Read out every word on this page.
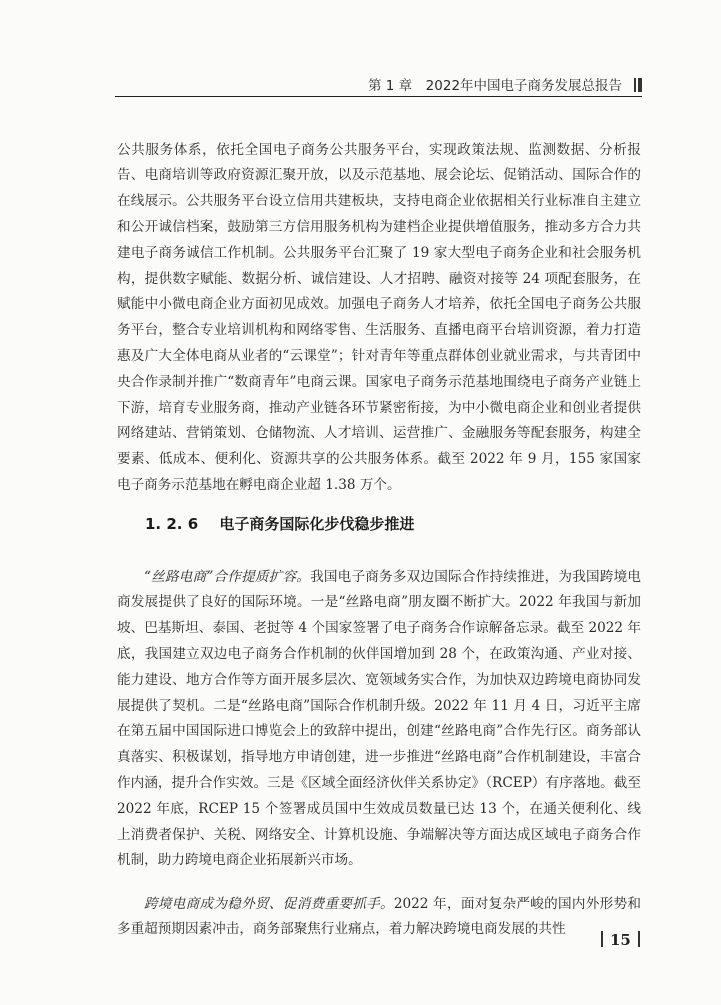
第 1 章　2022年中国电子商务发展总报告

公共服务体系，依托全国电子商务公共服务平台，实现政策法规、监测数据、分析报告、电商培训等政府资源汇聚开放，以及示范基地、展会论坛、促销活动、国际合作的在线展示。公共服务平台设立信用共建板块，支持电商企业依据相关行业标准自主建立和公开诚信档案，鼓励第三方信用服务机构为建档企业提供增值服务，推动多方合力共建电子商务诚信工作机制。公共服务平台汇聚了 19 家大型电子商务企业和社会服务机构，提供数字赋能、数据分析、诚信建设、人才招聘、融资对接等 24 项配套服务，在赋能中小微电商企业方面初见成效。加强电子商务人才培养，依托全国电子商务公共服务平台，整合专业培训机构和网络零售、生活服务、直播电商平台培训资源，着力打造惠及广大全体电商从业者的“云课堂”；针对青年等重点群体创业就业需求，与共青团中央合作录制并推广“数商青年”电商云课。国家电子商务示范基地围绕电子商务产业链上下游，培育专业服务商，推动产业链各环节紧密衔接，为中小微电商企业和创业者提供网络建站、营销策划、仓储物流、人才培训、运营推广、金融服务等配套服务，构建全要素、低成本、便利化、资源共享的公共服务体系。截至 2022 年 9 月，155 家国家电子商务示范基地在孵电商企业超 1.38 万个。

1. 2. 6 电子商务国际化步伐稳步推进

“丝路电商”合作提质扩容。我国电子商务多双边国际合作持续推进，为我国跨境电商发展提供了良好的国际环境。一是“丝路电商”朋友圈不断扩大。2022 年我国与新加坡、巴基斯坦、泰国、老挝等 4 个国家签署了电子商务合作谅解备忘录。截至 2022 年底，我国建立双边电子商务合作机制的伙伴国增加到 28 个，在政策沟通、产业对接、能力建设、地方合作等方面开展多层次、宽领域务实合作，为加快双边跨境电商协同发展提供了契机。二是“丝路电商”国际合作机制升级。2022 年 11 月 4 日，习近平主席在第五届中国国际进口博览会上的致辞中提出，创建“丝路电商”合作先行区。商务部认真落实、积极谋划，指导地方申请创建，进一步推进“丝路电商”合作机制建设，丰富合作内涵，提升合作实效。三是《区域全面经济伙伴关系协定》（RCEP）有序落地。截至 2022 年底，RCEP 15 个签署成员国中生效成员数量已达 13 个，在通关便利化、线上消费者保护、关税、网络安全、计算机设施、争端解决等方面达成区域电子商务合作机制，助力跨境电商企业拓展新兴市场。

跨境电商成为稳外贸、促消费重要抓手。2022 年，面对复杂严峻的国内外形势和多重超预期因素冲击，商务部聚焦行业痛点，着力解决跨境电商发展的共性

15
